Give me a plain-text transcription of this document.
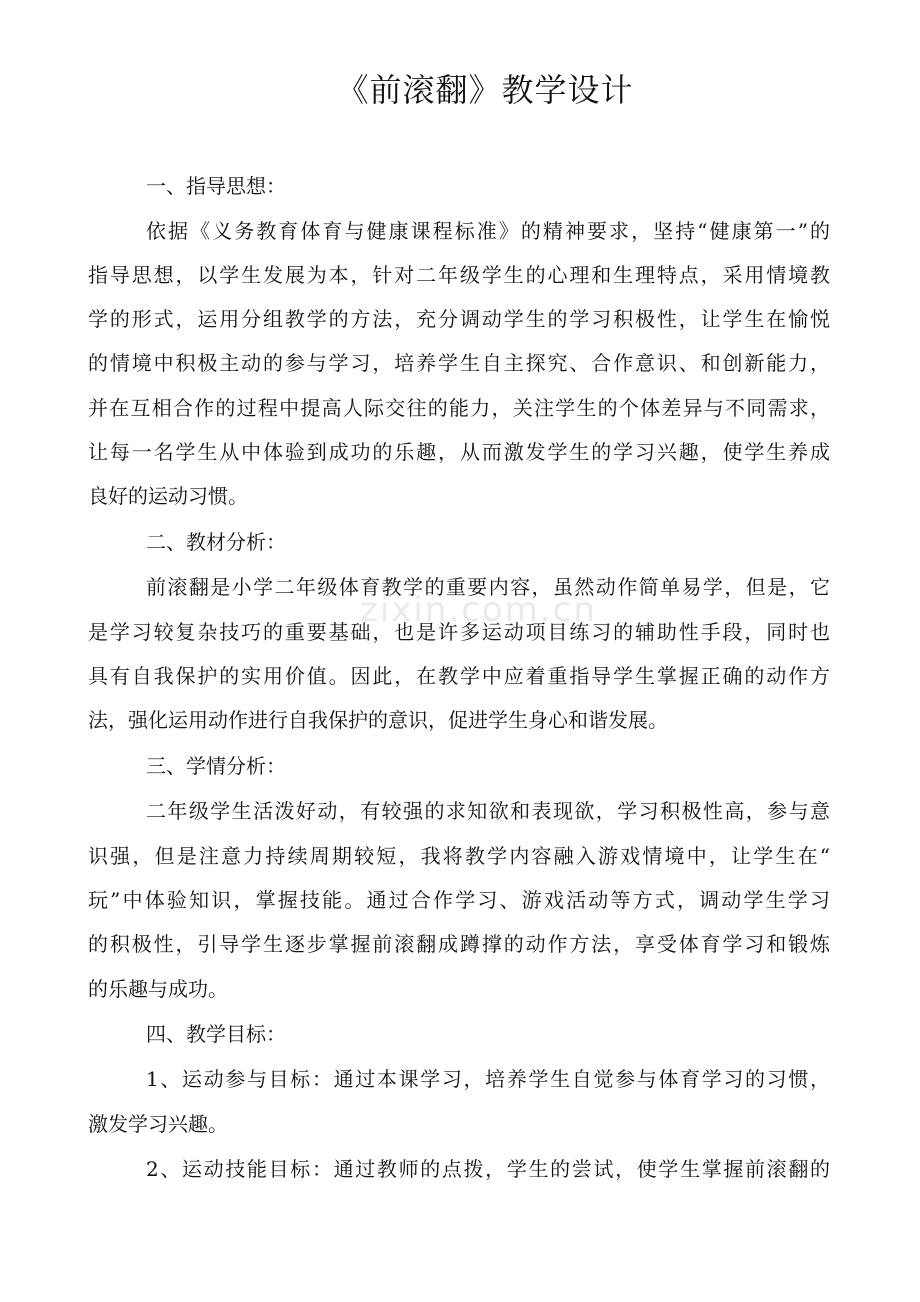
《前滚翻》教学设计
一、指导思想：
依据《义务教育体育与健康课程标准》的精神要求，坚持“健康第一”的
指导思想，以学生发展为本，针对二年级学生的心理和生理特点，采用情境教
学的形式，运用分组教学的方法，充分调动学生的学习积极性，让学生在愉悦
的情境中积极主动的参与学习，培养学生自主探究、合作意识、和创新能力，
并在互相合作的过程中提高人际交往的能力，关注学生的个体差异与不同需求，
让每一名学生从中体验到成功的乐趣，从而激发学生的学习兴趣，使学生养成
良好的运动习惯。
二、教材分析：
前滚翻是小学二年级体育教学的重要内容，虽然动作简单易学，但是，它
是学习较复杂技巧的重要基础，也是许多运动项目练习的辅助性手段，同时也
具有自我保护的实用价值。因此，在教学中应着重指导学生掌握正确的动作方
法，强化运用动作进行自我保护的意识，促进学生身心和谐发展。
三、学情分析：
二年级学生活泼好动，有较强的求知欲和表现欲，学习积极性高，参与意
识强，但是注意力持续周期较短，我将教学内容融入游戏情境中，让学生在“
玩”中体验知识，掌握技能。通过合作学习、游戏活动等方式，调动学生学习
的积极性，引导学生逐步掌握前滚翻成蹲撑的动作方法，享受体育学习和锻炼
的乐趣与成功。
四、教学目标：
1、运动参与目标：通过本课学习，培养学生自觉参与体育学习的习惯，
激发学习兴趣。
2、运动技能目标：通过教师的点拨，学生的尝试，使学生掌握前滚翻的
zixin.com.cn
